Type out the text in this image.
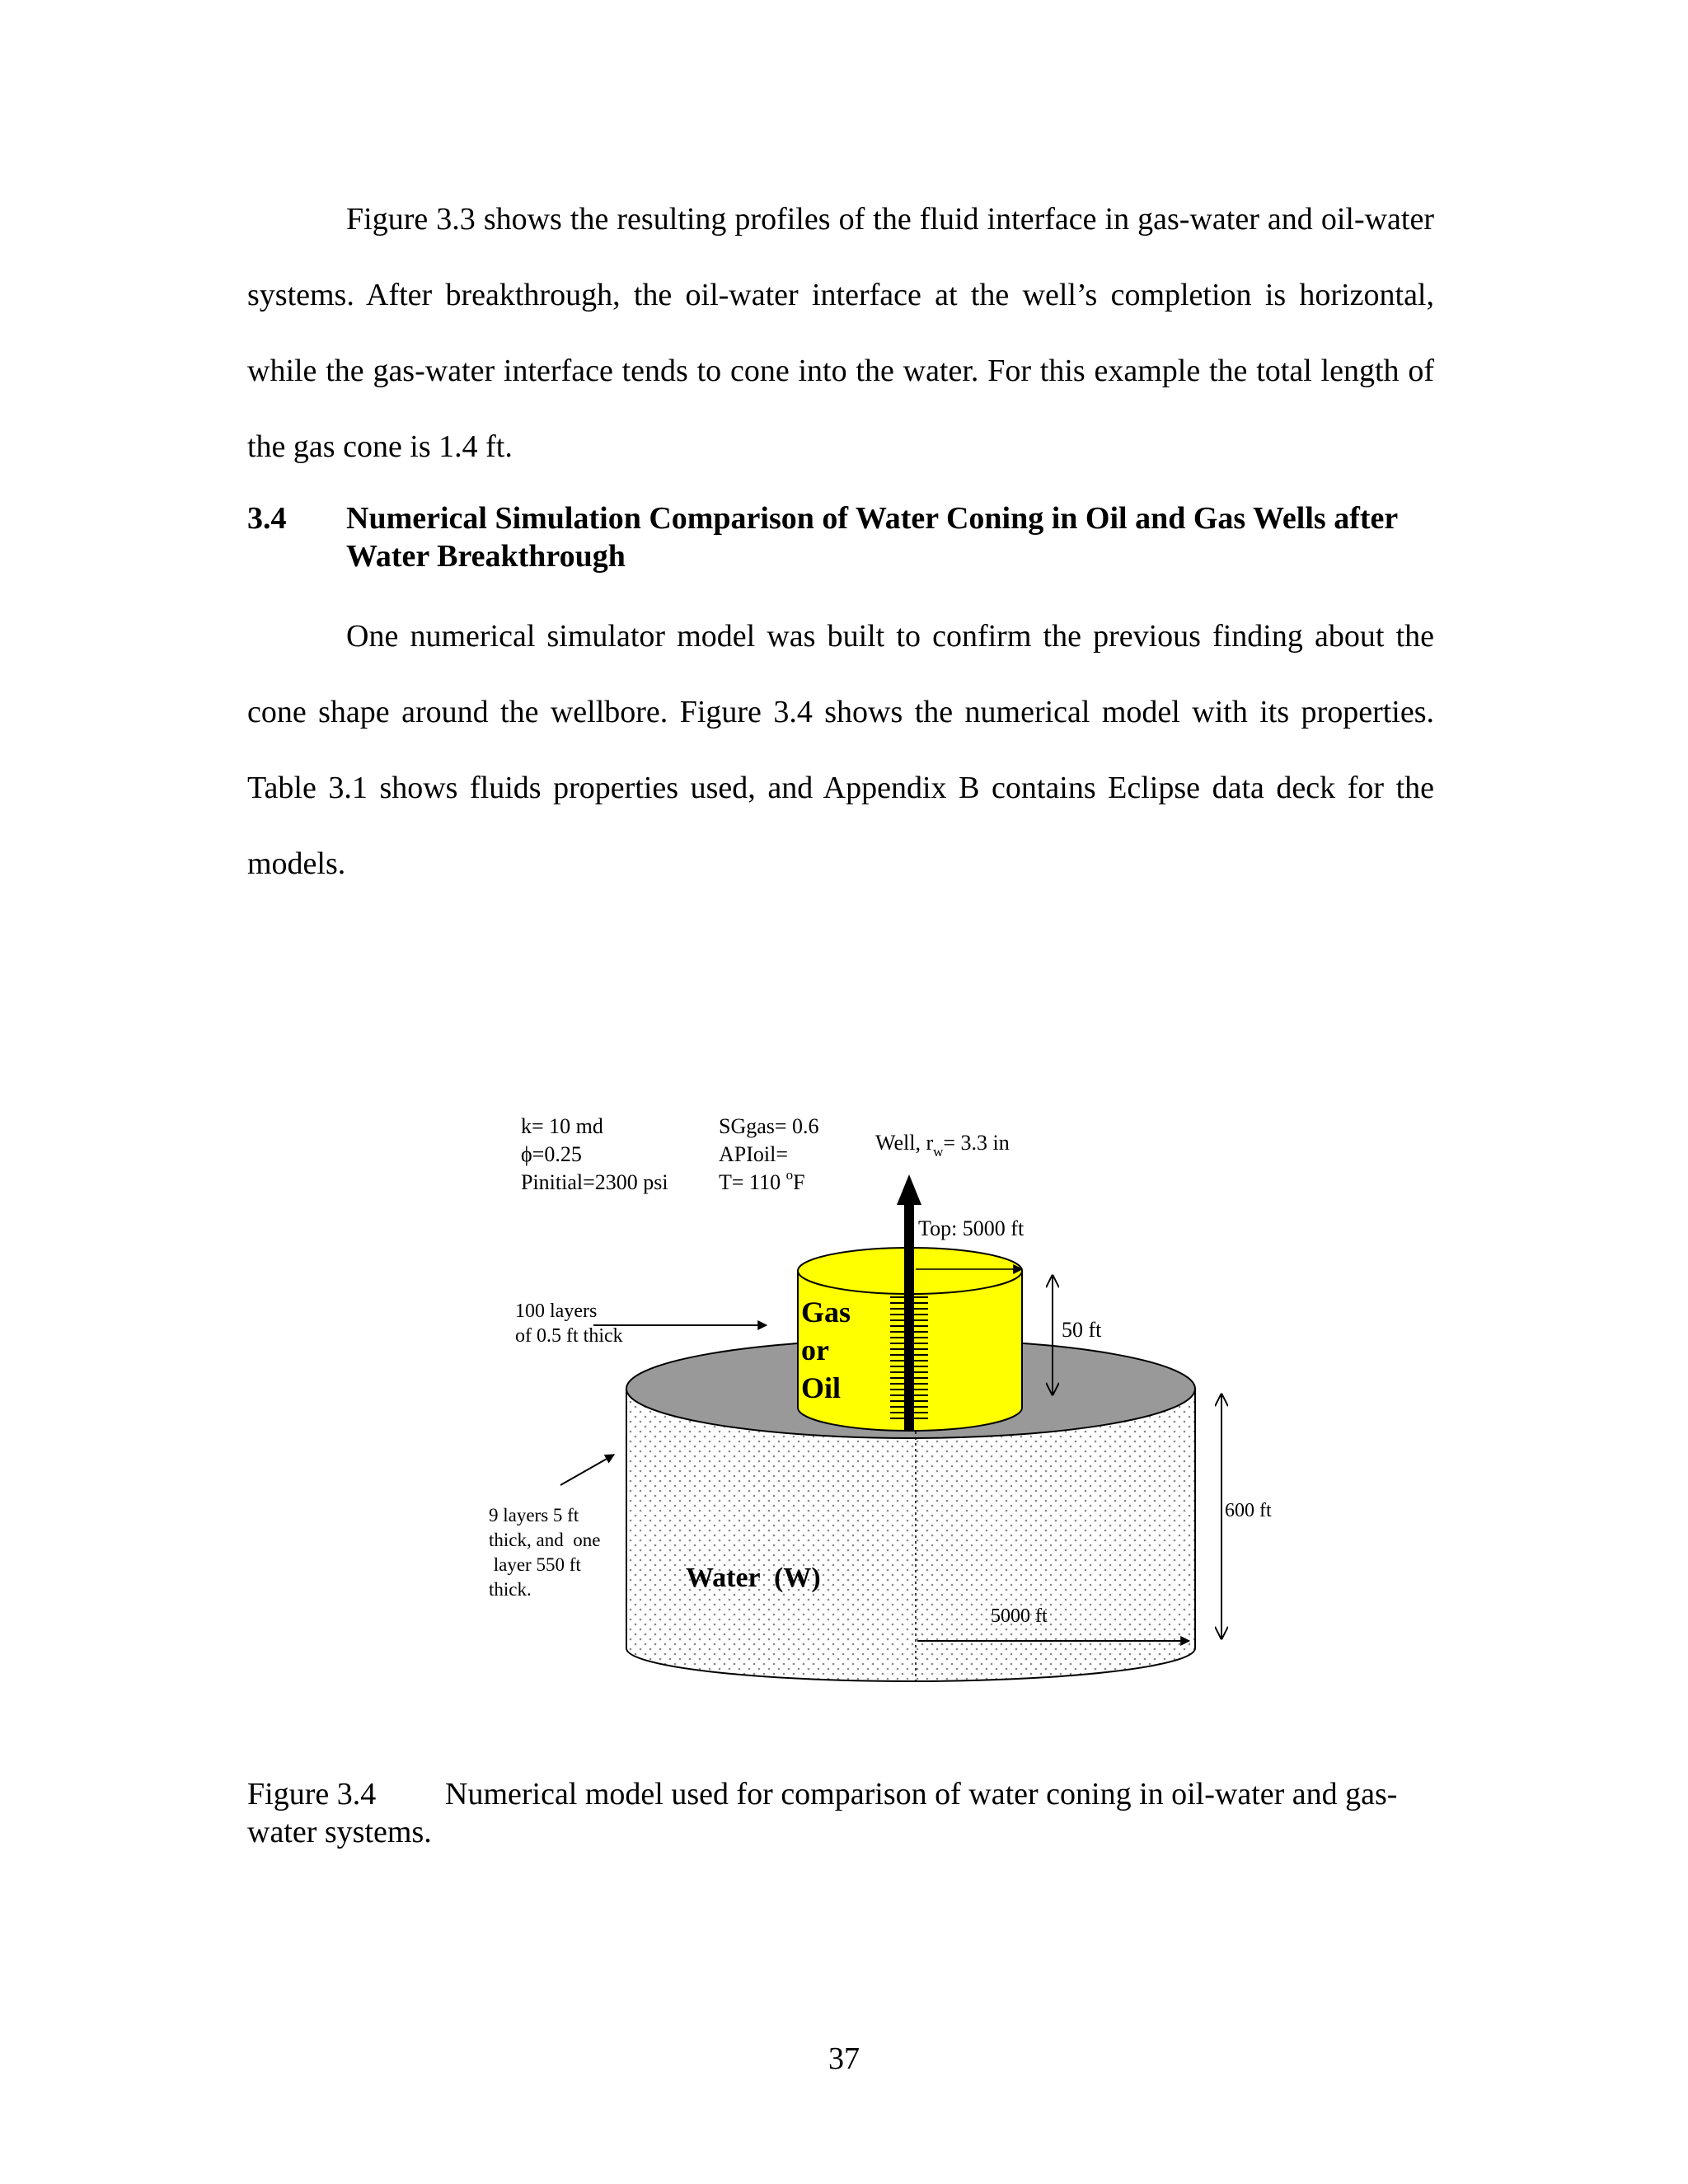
Figure 3.3 shows the resulting profiles of the fluid interface in gas-water and oil-water systems. After breakthrough, the oil-water interface at the well’s completion is horizontal, while the gas-water interface tends to cone into the water. For this example the total length of the gas cone is 1.4 ft.

3.4 Numerical Simulation Comparison of Water Coning in Oil and Gas Wells after Water Breakthrough

One numerical simulator model was built to confirm the previous finding about the cone shape around the wellbore. Figure 3.4 shows the numerical model with its properties. Table 3.1 shows fluids properties used, and Appendix B contains Eclipse data deck for the models.

k= 10 md
ϕ=0.25
Pinitial=2300 psi
SGgas= 0.6
APIoil=
T= 110 $^o$F
Well, $r_w= 3.3$ in
Top: 5000 ft
100 layers
of 0.5 ft thick
Gas
or
Oil
50 ft
600 ft
9 layers 5 ft
thick, and  one
layer 550 ft
thick.	Water  (W)
5000 ft
Figure 3.4 Numerical model used for comparison of water coning in oil-water and gas-water systems.
37
